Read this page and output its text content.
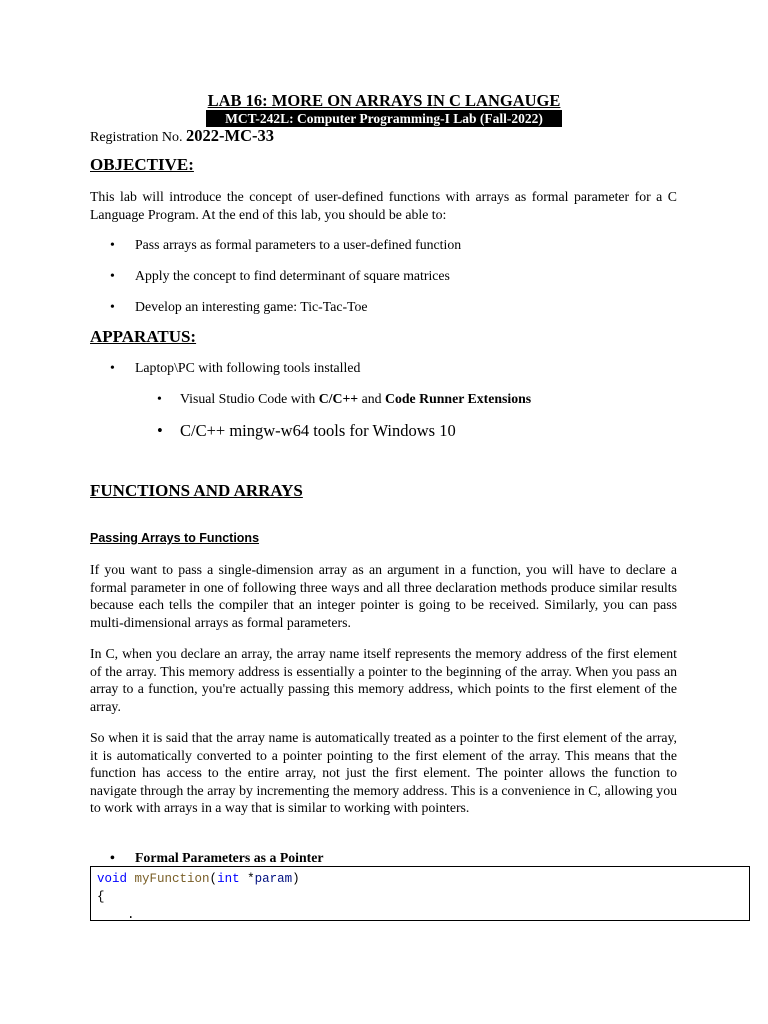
LAB 16: MORE ON ARRAYS IN C LANGAUGE
MCT-242L: Computer Programming-I Lab (Fall-2022)
Registration No. 2022-MC-33
OBJECTIVE:

This lab will introduce the concept of user-defined functions with arrays as formal parameter for a C Language Program. At the end of this lab, you should be able to:

• Pass arrays as formal parameters to a user-defined function
• Apply the concept to find determinant of square matrices
• Develop an interesting game: Tic-Tac-Toe
APPARATUS:
• Laptop\PC with following tools installed
• Visual Studio Code with C/C++ and Code Runner Extensions
• C/C++ mingw-w64 tools for Windows 10
FUNCTIONS AND ARRAYS
Passing Arrays to Functions

If you want to pass a single-dimension array as an argument in a function, you will have to declare a formal parameter in one of following three ways and all three declaration methods produce similar results because each tells the compiler that an integer pointer is going to be received. Similarly, you can pass multi-dimensional arrays as formal parameters.

In C, when you declare an array, the array name itself represents the memory address of the first element of the array. This memory address is essentially a pointer to the beginning of the array. When you pass an array to a function, you're actually passing this memory address, which points to the first element of the array.

So when it is said that the array name is automatically treated as a pointer to the first element of the array, it is automatically converted to a pointer pointing to the first element of the array. This means that the function has access to the entire array, not just the first element. The pointer allows the function to navigate through the array by incrementing the memory address. This is a convenience in C, allowing you to work with arrays in a way that is similar to working with pointers.

• Formal Parameters as a Pointer
void myFunction(int *param)
{
.
